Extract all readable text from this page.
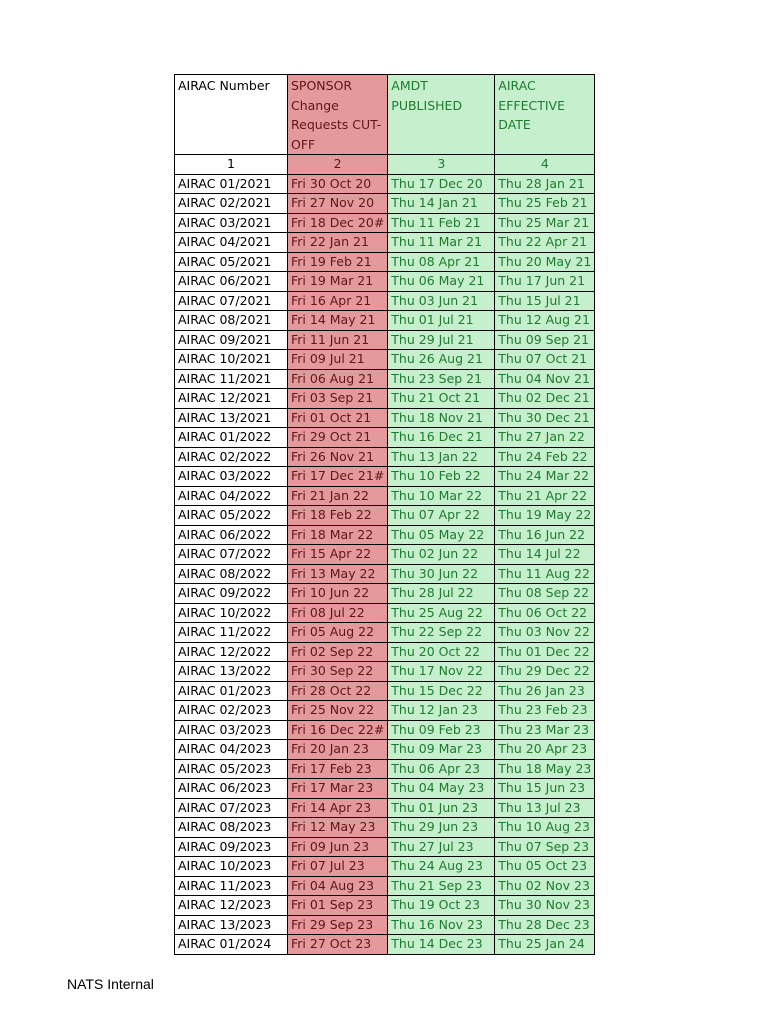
AIRAC Number	SPONSOR Change Requests CUT-OFF	AMDT PUBLISHED	AIRAC EFFECTIVE DATE
1	2	3	4
AIRAC 01/2021	Fri 30 Oct 20	Thu 17 Dec 20	Thu 28 Jan 21
AIRAC 02/2021	Fri 27 Nov 20	Thu 14 Jan 21	Thu 25 Feb 21
AIRAC 03/2021	Fri 18 Dec 20#	Thu 11 Feb 21	Thu 25 Mar 21
AIRAC 04/2021	Fri 22 Jan 21	Thu 11 Mar 21	Thu 22 Apr 21
AIRAC 05/2021	Fri 19 Feb 21	Thu 08 Apr 21	Thu 20 May 21
AIRAC 06/2021	Fri 19 Mar 21	Thu 06 May 21	Thu 17 Jun 21
AIRAC 07/2021	Fri 16 Apr 21	Thu 03 Jun 21	Thu 15 Jul 21
AIRAC 08/2021	Fri 14 May 21	Thu 01 Jul 21	Thu 12 Aug 21
AIRAC 09/2021	Fri 11 Jun 21	Thu 29 Jul 21	Thu 09 Sep 21
AIRAC 10/2021	Fri 09 Jul 21	Thu 26 Aug 21	Thu 07 Oct 21
AIRAC 11/2021	Fri 06 Aug 21	Thu 23 Sep 21	Thu 04 Nov 21
AIRAC 12/2021	Fri 03 Sep 21	Thu 21 Oct 21	Thu 02 Dec 21
AIRAC 13/2021	Fri 01 Oct 21	Thu 18 Nov 21	Thu 30 Dec 21
AIRAC 01/2022	Fri 29 Oct 21	Thu 16 Dec 21	Thu 27 Jan 22
AIRAC 02/2022	Fri 26 Nov 21	Thu 13 Jan 22	Thu 24 Feb 22
AIRAC 03/2022	Fri 17 Dec 21#	Thu 10 Feb 22	Thu 24 Mar 22
AIRAC 04/2022	Fri 21 Jan 22	Thu 10 Mar 22	Thu 21 Apr 22
AIRAC 05/2022	Fri 18 Feb 22	Thu 07 Apr 22	Thu 19 May 22
AIRAC 06/2022	Fri 18 Mar 22	Thu 05 May 22	Thu 16 Jun 22
AIRAC 07/2022	Fri 15 Apr 22	Thu 02 Jun 22	Thu 14 Jul 22
AIRAC 08/2022	Fri 13 May 22	Thu 30 Jun 22	Thu 11 Aug 22
AIRAC 09/2022	Fri 10 Jun 22	Thu 28 Jul 22	Thu 08 Sep 22
AIRAC 10/2022	Fri 08 Jul 22	Thu 25 Aug 22	Thu 06 Oct 22
AIRAC 11/2022	Fri 05 Aug 22	Thu 22 Sep 22	Thu 03 Nov 22
AIRAC 12/2022	Fri 02 Sep 22	Thu 20 Oct 22	Thu 01 Dec 22
AIRAC 13/2022	Fri 30 Sep 22	Thu 17 Nov 22	Thu 29 Dec 22
AIRAC 01/2023	Fri 28 Oct 22	Thu 15 Dec 22	Thu 26 Jan 23
AIRAC 02/2023	Fri 25 Nov 22	Thu 12 Jan 23	Thu 23 Feb 23
AIRAC 03/2023	Fri 16 Dec 22#	Thu 09 Feb 23	Thu 23 Mar 23
AIRAC 04/2023	Fri 20 Jan 23	Thu 09 Mar 23	Thu 20 Apr 23
AIRAC 05/2023	Fri 17 Feb 23	Thu 06 Apr 23	Thu 18 May 23
AIRAC 06/2023	Fri 17 Mar 23	Thu 04 May 23	Thu 15 Jun 23
AIRAC 07/2023	Fri 14 Apr 23	Thu 01 Jun 23	Thu 13 Jul 23
AIRAC 08/2023	Fri 12 May 23	Thu 29 Jun 23	Thu 10 Aug 23
AIRAC 09/2023	Fri 09 Jun 23	Thu 27 Jul 23	Thu 07 Sep 23
AIRAC 10/2023	Fri 07 Jul 23	Thu 24 Aug 23	Thu 05 Oct 23
AIRAC 11/2023	Fri 04 Aug 23	Thu 21 Sep 23	Thu 02 Nov 23
AIRAC 12/2023	Fri 01 Sep 23	Thu 19 Oct 23	Thu 30 Nov 23
AIRAC 13/2023	Fri 29 Sep 23	Thu 16 Nov 23	Thu 28 Dec 23
AIRAC 01/2024	Fri 27 Oct 23	Thu 14 Dec 23	Thu 25 Jan 24
NATS Internal
